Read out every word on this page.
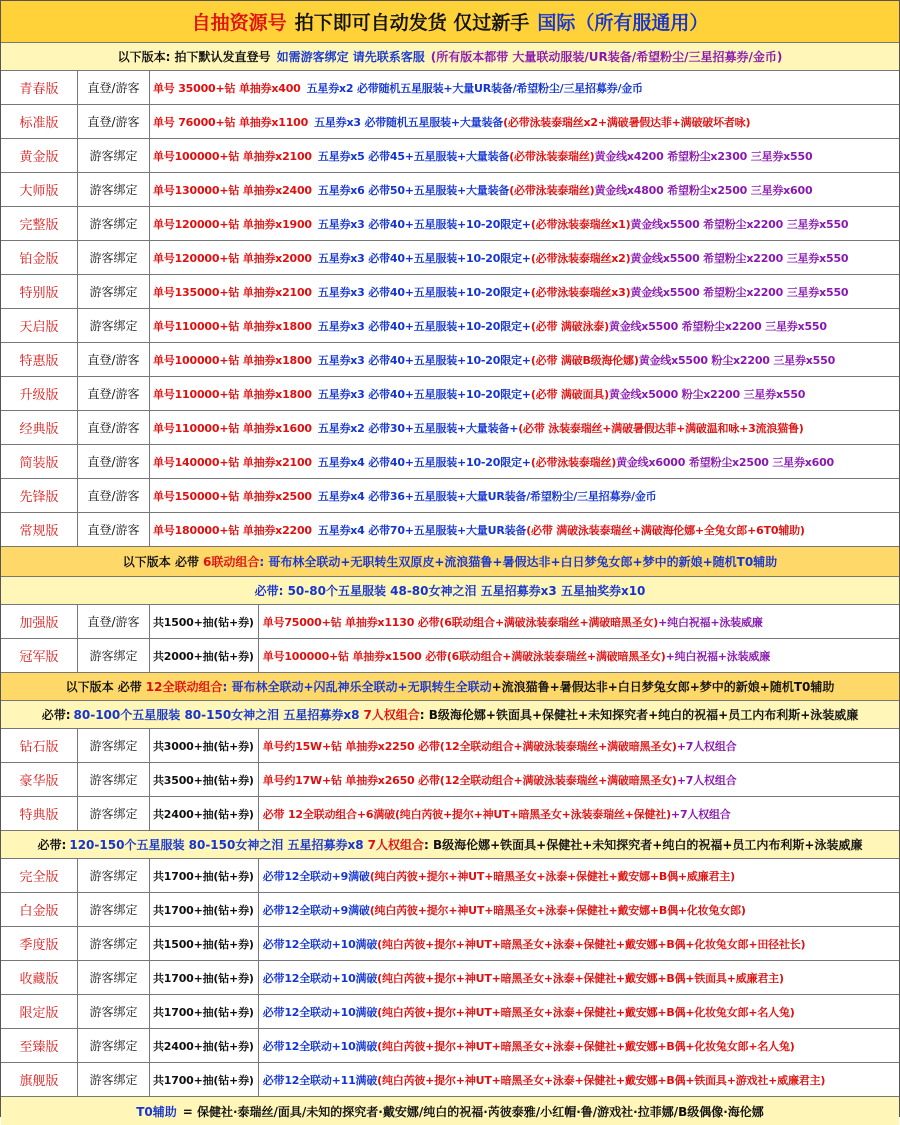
自抽资源号 拍下即可自动发货 仅过新手 国际（所有服通用）
以下版本: 拍下默认发直登号 如需游客绑定 请先联系客服 (所有版本都带 大量联动服装/UR装备/希望粉尘/三星招募券/金币)
青春版	直登/游客	单号 35000+钻 单抽券x400 五星券x2 必带随机五星服装+大量UR装备/希望粉尘/三星招募券/金币
标准版	直登/游客	单号 76000+钻 单抽券x1100 五星券x3 必带随机五星服装+大量装备 (必带泳装泰瑞丝x2+满破暑假达菲+满破破坏者咏)
黄金版	游客绑定	单号100000+钻 单抽券x2100 五星券x5 必带45+五星服装+大量装备 (必带泳装泰瑞丝) 黄金线x4200 希望粉尘x2300 三星券x550
大师版	游客绑定	单号130000+钻 单抽券x2400 五星券x6 必带50+五星服装+大量装备 (必带泳装泰瑞丝) 黄金线x4800 希望粉尘x2500 三星券x600
完整版	游客绑定	单号120000+钻 单抽券x1900 五星券x3 必带40+五星服装+10-20限定+ (必带泳装泰瑞丝x1) 黄金线x5500 希望粉尘x2200 三星券x550
铂金版	游客绑定	单号120000+钻 单抽券x2000 五星券x3 必带40+五星服装+10-20限定+ (必带泳装泰瑞丝x2) 黄金线x5500 希望粉尘x2200 三星券x550
特别版	游客绑定	单号135000+钻 单抽券x2100 五星券x3 必带40+五星服装+10-20限定+ (必带泳装泰瑞丝x3) 黄金线x5500 希望粉尘x2200 三星券x550
天启版	游客绑定	单号110000+钻 单抽券x1800 五星券x3 必带40+五星服装+10-20限定+ (必带 满破泳泰) 黄金线x5500 希望粉尘x2200 三星券x550
特惠版	直登/游客	单号100000+钻 单抽券x1800 五星券x3 必带40+五星服装+10-20限定+ (必带 满破B级海伦娜) 黄金线x5500 粉尘x2200 三星券x550
升级版	直登/游客	单号110000+钻 单抽券x1800 五星券x3 必带40+五星服装+10-20限定+ (必带 满破面具) 黄金线x5000 粉尘x2200 三星券x550
经典版	直登/游客	单号110000+钻 单抽券x1600 五星券x2 必带30+五星服装+大量装备+ (必带 泳装泰瑞丝+满破暑假达菲+满破温和咏+3流浪猫鲁)
简装版	直登/游客	单号140000+钻 单抽券x2100 五星券x4 必带40+五星服装+10-20限定+ (必带泳装泰瑞丝) 黄金线x6000 希望粉尘x2500 三星券x600
先锋版	直登/游客	单号150000+钻 单抽券x2500 五星券x4 必带36+五星服装+大量UR装备/希望粉尘/三星招募券/金币
常规版	直登/游客	单号180000+钻 单抽券x2200 五星券x4 必带70+五星服装+大量UR装备 (必带 满破泳装泰瑞丝+满破海伦娜+全兔女郎+6T0辅助)
以下版本 必带 6联动组合 : 哥布林全联动+无职转生双原皮+流浪猫鲁+暑假达非+白日梦兔女郎+梦中的新娘+随机T0辅助
必带: 50-80个五星服装 48-80女神之泪 五星招募券x3 五星抽奖券x10
加强版	直登/游客	共1500+抽(钻+券) 单号75000+钻 单抽券x1130 必带 (6联动组合+满破泳装泰瑞丝+满破暗黑圣女) +纯白祝福+泳装威廉
冠军版	游客绑定	共2000+抽(钻+券) 单号100000+钻 单抽券x1500 必带 (6联动组合+满破泳装泰瑞丝+满破暗黑圣女) +纯白祝福+泳装威廉
以下版本 必带 12全联动组合 : 哥布林全联动+闪乱神乐全联动+无职转生全联动 +流浪猫鲁+暑假达非+白日梦兔女郎+梦中的新娘+随机T0辅助
必带: 80-100个五星服装 80-150女神之泪 五星招募券x8 7人权组合 : B级海伦娜+铁面具+保健社+未知探究者+纯白的祝福+员工内布利斯+泳装威廉
钻石版	游客绑定	共3000+抽(钻+券) 单号约15W+钻 单抽券x2250 必带 (12全联动组合+满破泳装泰瑞丝+满破暗黑圣女) +7人权组合
豪华版	游客绑定	共3500+抽(钻+券) 单号约17W+钻 单抽券x2650 必带 (12全联动组合+满破泳装泰瑞丝+满破暗黑圣女) +7人权组合
特典版	游客绑定	共2400+抽(钻+券) 必带 12全联动组合+6满破 (纯白芮彼+提尔+神UT+暗黑圣女+泳装泰瑞丝+保健社) +7人权组合
必带: 120-150个五星服装 80-150女神之泪 五星招募券x8 7人权组合 : B级海伦娜+铁面具+保健社+未知探究者+纯白的祝福+员工内布利斯+泳装威廉
完全版	游客绑定	共1700+抽(钻+券) 必带12全联动+9满破 (纯白芮彼+提尔+神UT+暗黑圣女+泳泰+保健社+戴安娜+B偶+威廉君主)
白金版	游客绑定	共1700+抽(钻+券) 必带12全联动+9满破 (纯白芮彼+提尔+神UT+暗黑圣女+泳泰+保健社+戴安娜+B偶+化妆兔女郎)
季度版	游客绑定	共1500+抽(钻+券) 必带12全联动+10满破 (纯白芮彼+提尔+神UT+暗黑圣女+泳泰+保健社+戴安娜+B偶+化妆兔女郎+田径社长)
收藏版	游客绑定	共1700+抽(钻+券) 必带12全联动+10满破 (纯白芮彼+提尔+神UT+暗黑圣女+泳泰+保健社+戴安娜+B偶+铁面具+威廉君主)
限定版	游客绑定	共1700+抽(钻+券) 必带12全联动+10满破 (纯白芮彼+提尔+神UT+暗黑圣女+泳泰+保健社+戴安娜+B偶+化妆兔女郎+名人兔)
至臻版	游客绑定	共2400+抽(钻+券) 必带12全联动+10满破 (纯白芮彼+提尔+神UT+暗黑圣女+泳泰+保健社+戴安娜+B偶+化妆兔女郎+名人兔)
旗舰版	游客绑定	共1700+抽(钻+券) 必带12全联动+11满破 (纯白芮彼+提尔+神UT+暗黑圣女+泳泰+保健社+戴安娜+B偶+铁面具+游戏社+威廉君主)
T0辅助 = 保健社·泰瑞丝/面具/未知的探究者·戴安娜/纯白的祝福·芮彼泰雅/小红帽·鲁/游戏社·拉菲娜/B级偶像·海伦娜
